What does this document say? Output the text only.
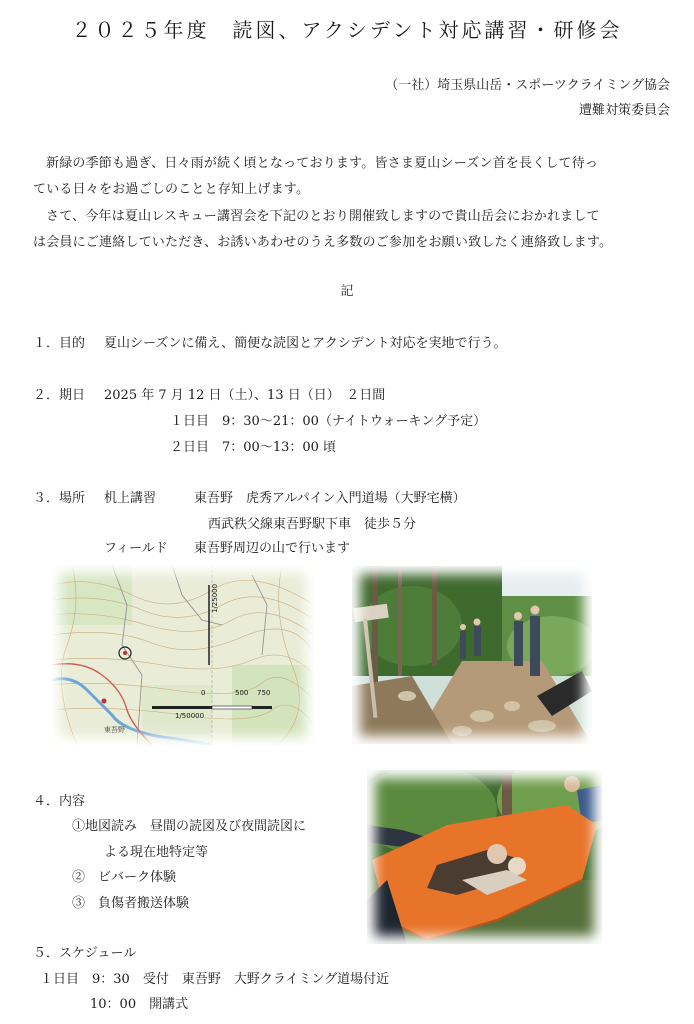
２０２５年度　読図、アクシデント対応講習・研修会
（一社）埼玉県山岳・スポーツクライミング協会
遭難対策委員会
新緑の季節も過ぎ、日々雨が続く頃となっております。皆さま夏山シーズン首を長くして待っ
ている日々をお過ごしのことと存知上げます。
さて、今年は夏山レスキュー講習会を下記のとおり開催致しますので貴山岳会におかれまして
は会員にご連絡していただき、お誘いあわせのうえ多数のご参加をお願い致したく連絡致します。
記
１．目的 夏山シーズンに備え、簡便な読図とアクシデント対応を実地で行う。
２．期日 2025 年 7 月 12 日（土）、13 日（日）　２日間
１日目　9：30～21：00（ナイトウォーキング予定）
２日目　7：00～13：00 頃
３．場所 机上講習	東吾野　虎秀アルパイン入門道場（大野宅横）
西武秩父線東吾野駅下車　徒歩５分
フィールド 東吾野周辺の山で行います
0	500 750
1/50000
1/25000
東吾野
４．内容
①地図読み　昼間の読図及び夜間読図に
よる現在地特定等
②　ビバーク体験
③　負傷者搬送体験
５．スケジュール
１日目　9：30　受付　東吾野　大野クライミング道場付近
10：00　開講式
